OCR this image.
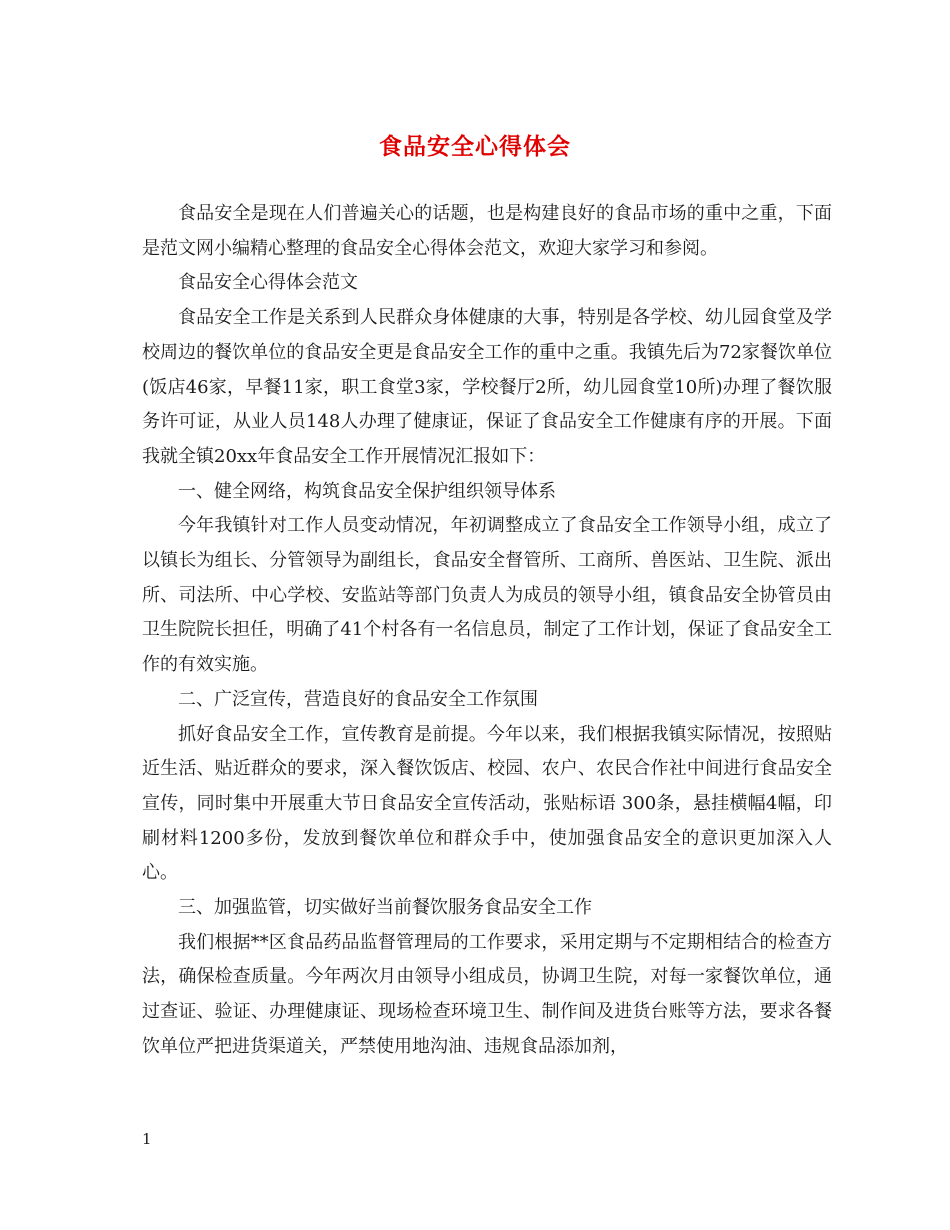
食品安全心得体会

食品安全是现在人们普遍关心的话题，也是构建良好的食品市场的重中之重，下面是范文网小编精心整理的食品安全心得体会范文，欢迎大家学习和参阅。

食品安全心得体会范文

食品安全工作是关系到人民群众身体健康的大事，特别是各学校、幼儿园食堂及学校周边的餐饮单位的食品安全更是食品安全工作的重中之重。我镇先后为72家餐饮单位(饭店46家，早餐11家，职工食堂3家，学校餐厅2所，幼儿园食堂10所)办理了餐饮服务许可证，从业人员148人办理了健康证，保证了食品安全工作健康有序的开展。下面我就全镇20xx年食品安全工作开展情况汇报如下：

一、健全网络，构筑食品安全保护组织领导体系

今年我镇针对工作人员变动情况，年初调整成立了食品安全工作领导小组，成立了以镇长为组长、分管领导为副组长，食品安全督管所、工商所、兽医站、卫生院、派出所、司法所、中心学校、安监站等部门负责人为成员的领导小组，镇食品安全协管员由卫生院院长担任，明确了41个村各有一名信息员，制定了工作计划，保证了食品安全工作的有效实施。

二、广泛宣传，营造良好的食品安全工作氛围

抓好食品安全工作，宣传教育是前提。今年以来，我们根据我镇实际情况，按照贴近生活、贴近群众的要求，深入餐饮饭店、校园、农户、农民合作社中间进行食品安全宣传，同时集中开展重大节日食品安全宣传活动，张贴标语 300条，悬挂横幅4幅，印刷材料1200多份，发放到餐饮单位和群众手中，使加强食品安全的意识更加深入人心。

三、加强监管，切实做好当前餐饮服务食品安全工作

我们根据**区食品药品监督管理局的工作要求，采用定期与不定期相结合的检查方法，确保检查质量。今年两次月由领导小组成员，协调卫生院，对每一家餐饮单位，通过查证、验证、办理健康证、现场检查环境卫生、制作间及进货台账等方法，要求各餐饮单位严把进货渠道关，严禁使用地沟油、违规食品添加剂，

1
